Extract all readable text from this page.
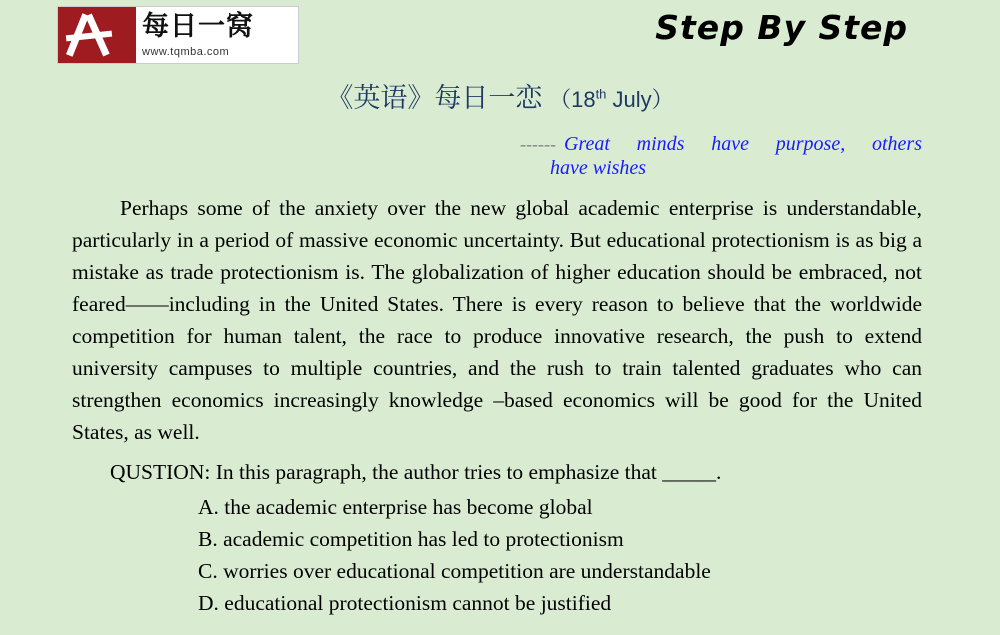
每日一窝
www.tqmba.com
Step By Step
《英语》每日一恋 （18th July）
------ Great minds have purpose, others
have wishes

Perhaps some of the anxiety over the new global academic enterprise is understandable, particularly in a period of massive economic uncertainty. But educational protectionism is as big a mistake as trade protectionism is. The globalization of higher education should be embraced, not feared——including in the United States. There is every reason to believe that the worldwide competition for human talent, the race to produce innovative research, the push to extend university campuses to multiple countries, and the rush to train talented graduates who can strengthen economics increasingly knowledge –based economics will be good for the United States, as well.

QUSTION: In this paragraph, the author tries to emphasize that _____.
A. the academic enterprise has become global
B. academic competition has led to protectionism
C. worries over educational competition are understandable
D. educational protectionism cannot be justified
